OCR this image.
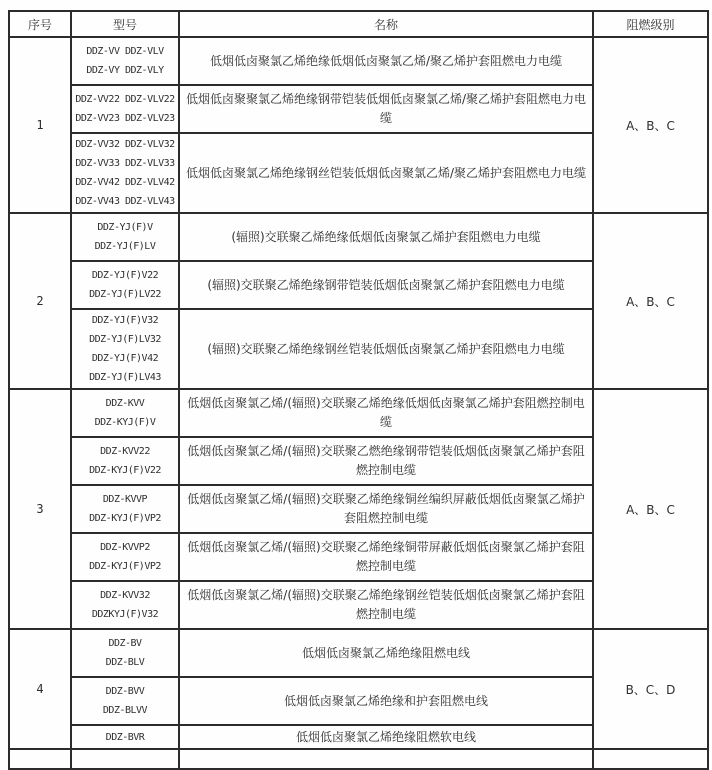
序号	型号	名称	阻燃级别
1	DDZ-VV DDZ-VLV
DDZ-VY DDZ-VLY	低烟低卤聚氯乙烯绝缘低烟低卤聚氯乙烯/聚乙烯护套阻燃电力电缆	A、B、C

	DDZ-VV22 DDZ-VLV22
DDZ-VV23 DDZ-VLV23	低烟低卤聚聚氯乙烯绝缘钢带铠装低烟低卤聚氯乙烯/聚乙烯护套阻燃电力电缆	

	DDZ-VV32 DDZ-VLV32
DDZ-VV33 DDZ-VLV33
DDZ-VV42 DDZ-VLV42
DDZ-VV43 DDZ-VLV43	低烟低卤聚氯乙烯绝缘钢丝铠装低烟低卤聚氯乙烯/聚乙烯护套阻燃电力电缆	
2	DDZ-YJ(F)V
DDZ-YJ(F)LV	(辐照)交联聚乙烯绝缘低烟低卤聚氯乙烯护套阻燃电力电缆	A、B、C

	DDZ-YJ(F)V22
DDZ-YJ(F)LV22	(辐照)交联聚乙烯绝缘钢带铠装低烟低卤聚氯乙烯护套阻燃电力电缆	

	DDZ-YJ(F)V32
DDZ-YJ(F)LV32
DDZ-YJ(F)V42
DDZ-YJ(F)LV43	(辐照)交联聚乙烯绝缘钢丝铠装低烟低卤聚氯乙烯护套阻燃电力电缆	
3	DDZ-KVV
DDZ-KYJ(F)V	低烟低卤聚氯乙烯/(辐照)交联聚乙烯绝缘低烟低卤聚氯乙烯护套阻燃控制电缆	A、B、C

	DDZ-KVV22
DDZ-KYJ(F)V22	低烟低卤聚氯乙烯/(辐照)交联聚乙燃绝缘钢带铠装低烟低卤聚氯乙烯护套阻燃控制电缆	

	DDZ-KVVP
DDZ-KYJ(F)VP2	低烟低卤聚氯乙烯/(辐照)交联聚乙烯绝缘铜丝编织屏蔽低烟低卤聚氯乙烯护套阻燃控制电缆	

	DDZ-KVVP2
DDZ-KYJ(F)VP2	低烟低卤聚氯乙烯/(辐照)交联聚乙烯绝缘铜带屏蔽低烟低卤聚氯乙烯护套阻燃控制电缆	

	DDZ-KVV32
DDZKYJ(F)V32	低烟低卤聚氯乙烯/(辐照)交联聚乙烯绝缘钢丝铠装低烟低卤聚氯乙烯护套阻燃控制电缆	
4	DDZ-BV
DDZ-BLV	低烟低卤聚氯乙烯绝缘阻燃电线	B、C、D

	DDZ-BVV
DDZ-BLVV	低烟低卤聚氯乙烯绝缘和护套阻燃电线	

	DDZ-BVR	低烟低卤聚氯乙烯绝缘阻燃软电线	
